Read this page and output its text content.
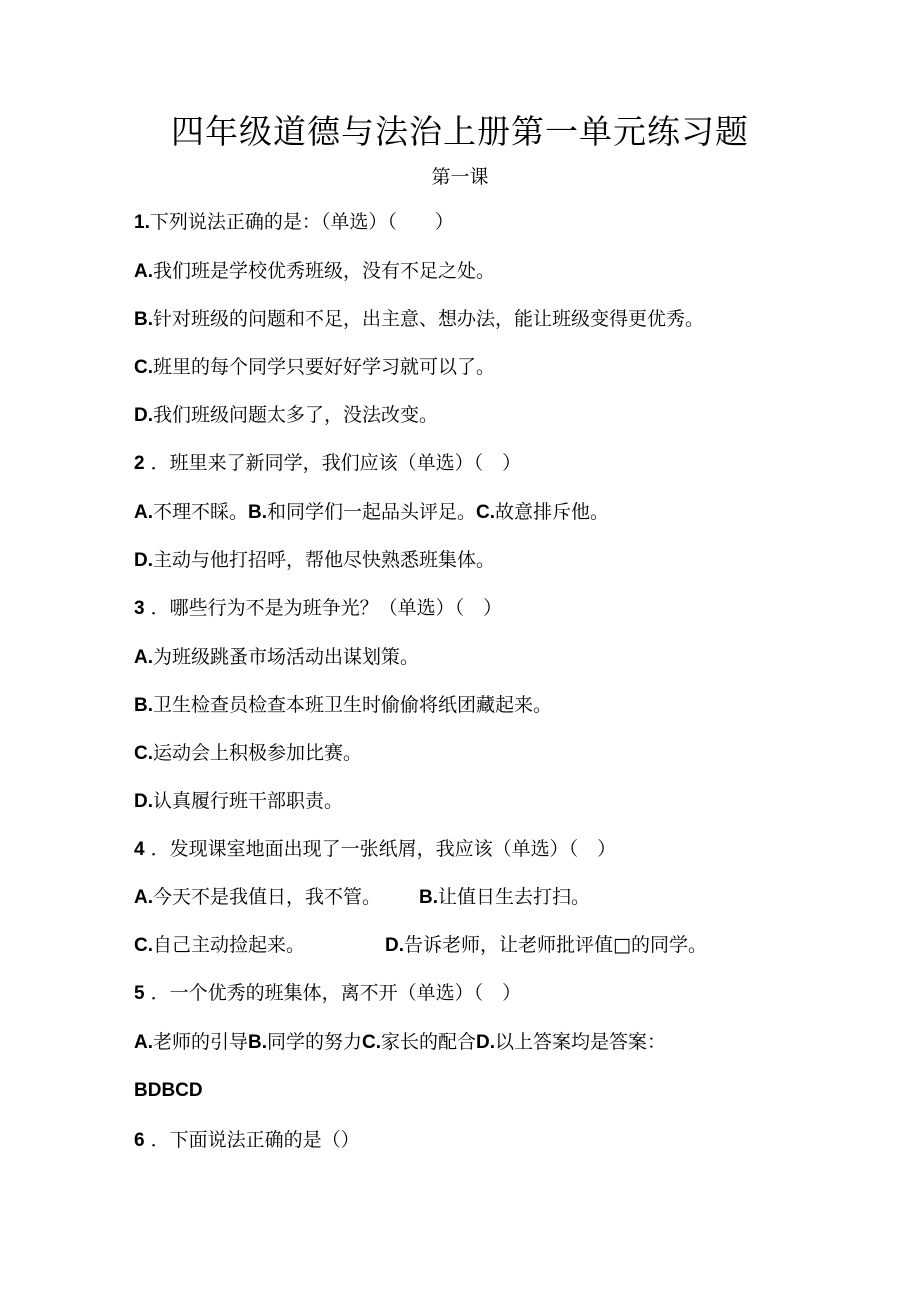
四年级道德与法治上册第一单元练习题
第一课
1.下列说法正确的是：（单选）（　　）
A.我们班是学校优秀班级，没有不足之处。
B.针对班级的问题和不足，出主意、想办法，能让班级变得更优秀。
C.班里的每个同学只要好好学习就可以了。
D.我们班级问题太多了，没法改变。
2 ．班里来了新同学，我们应该（单选）（　）
A.不理不睬。B.和同学们一起品头评足。C.故意排斥他。
D.主动与他打招呼，帮他尽快熟悉班集体。
3 ．哪些行为不是为班争光？（单选）（　）
A.为班级跳蚤市场活动出谋划策。
B.卫生检查员检查本班卫生时偷偷将纸团藏起来。
C.运动会上积极参加比赛。
D.认真履行班干部职责。
4 ．发现课室地面出现了一张纸屑，我应该（单选）（　）
A.今天不是我值日，我不管。 B.让值日生去打扫。
C.自己主动捡起来。	D.告诉老师，让老师批评值□的同学。
5 ．一个优秀的班集体，离不开（单选）（　）
A.老师的引导B.同学的努力C.家长的配合D.以上答案均是答案：
BDBCD
6 ．下面说法正确的是（）
